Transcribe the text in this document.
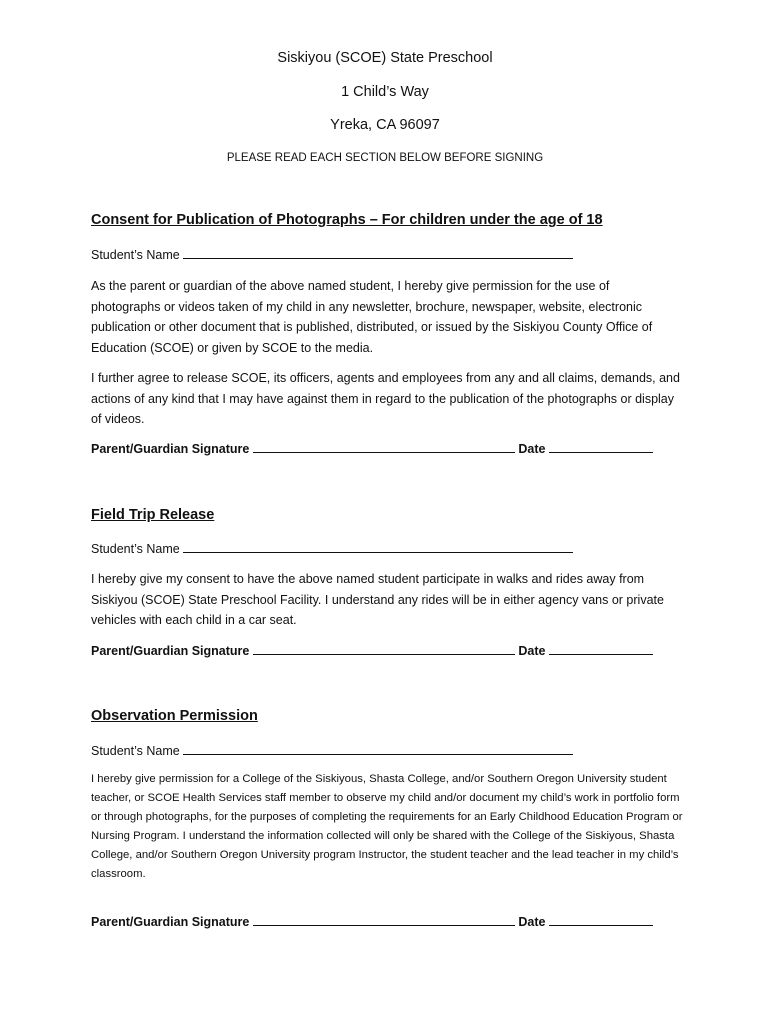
Siskiyou (SCOE) State Preschool
1 Child’s Way
Yreka, CA 96097
PLEASE READ EACH SECTION BELOW BEFORE SIGNING
Consent for Publication of Photographs – For children under the age of 18
Student’s Name
As the parent or guardian of the above named student, I hereby give permission for the use of photographs or videos taken of my child in any newsletter, brochure, newspaper, website, electronic publication or other document that is published, distributed, or issued by the Siskiyou County Office of Education (SCOE) or given by SCOE to the media.
I further agree to release SCOE, its officers, agents and employees from any and all claims, demands, and actions of any kind that I may have against them in regard to the publication of the photographs or display of videos.
Parent/Guardian Signature	Date
Field Trip Release
Student’s Name
I hereby give my consent to have the above named student participate in walks and rides away from Siskiyou (SCOE) State Preschool Facility. I understand any rides will be in either agency vans or private vehicles with each child in a car seat.
Parent/Guardian Signature	Date
Observation Permission
Student’s Name
I hereby give permission for a College of the Siskiyous, Shasta College, and/or Southern Oregon University student teacher, or SCOE Health Services staff member to observe my child and/or document my child’s work in portfolio form or through photographs, for the purposes of completing the requirements for an Early Childhood Education Program or Nursing Program. I understand the information collected will only be shared with the College of the Siskiyous, Shasta College, and/or Southern Oregon University program Instructor, the student teacher and the lead teacher in my child’s classroom.
Parent/Guardian Signature	Date
